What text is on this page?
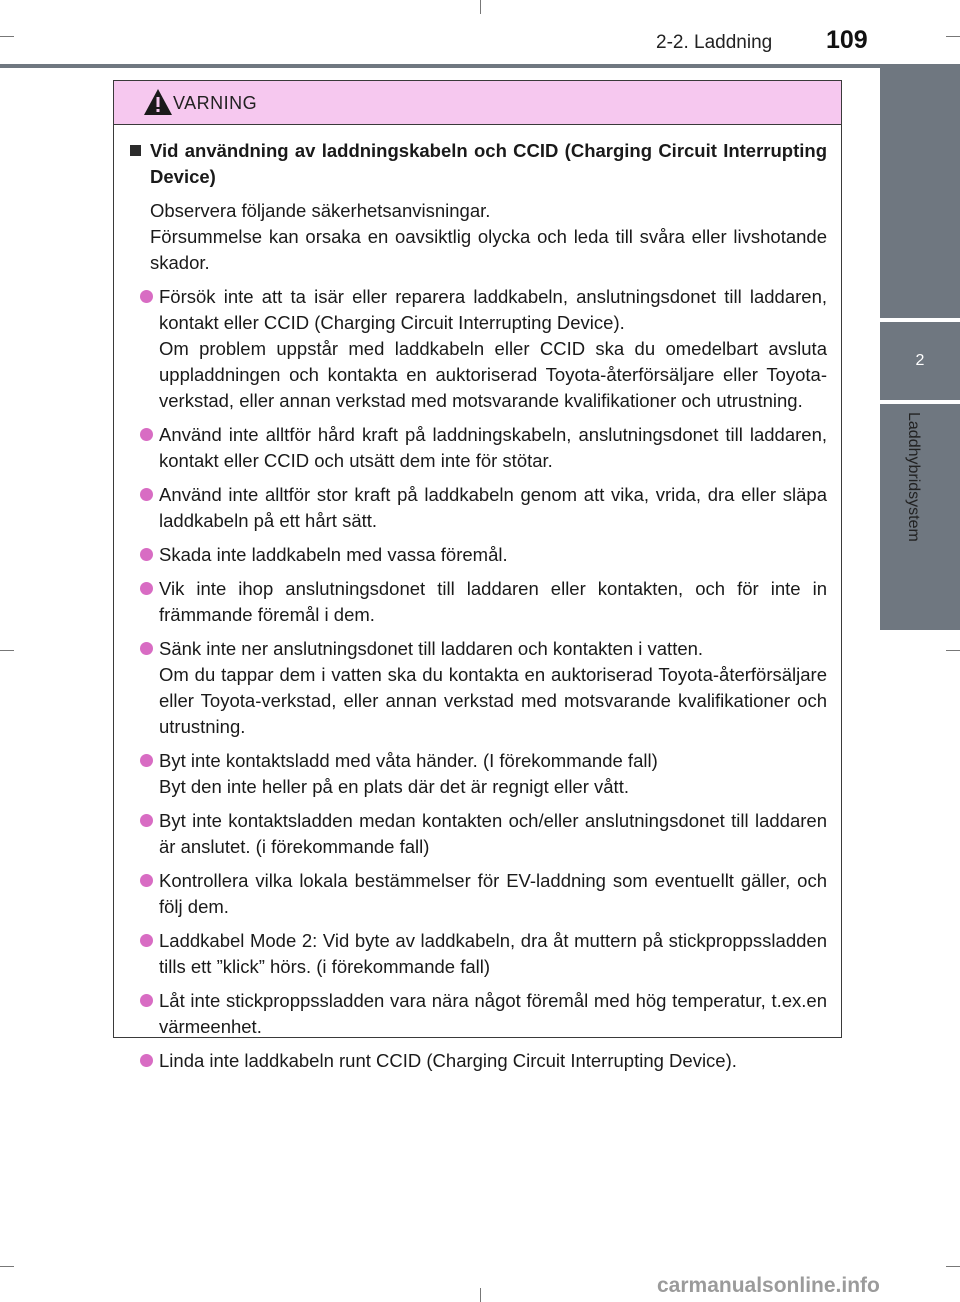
2-2. Laddning 109
2
Laddhybridsystem
VARNING
Vid användning av laddningskabeln och CCID (Charging Circuit Interrupting Device)

Observera följande säkerhetsanvisningar.

Försummelse kan orsaka en oavsiktlig olycka och leda till svåra eller livshotande skador.

Försök inte att ta isär eller reparera laddkabeln, anslutningsdonet till laddaren, kontakt eller CCID (Charging Circuit Interrupting Device).
Om problem uppstår med laddkabeln eller CCID ska du omedelbart avsluta uppladdningen och kontakta en auktoriserad Toyota-återförsäljare eller Toyota-verkstad, eller annan verkstad med motsvarande kvalifikationer och utrustning.
Använd inte alltför hård kraft på laddningskabeln, anslutningsdonet till laddaren, kontakt eller CCID och utsätt dem inte för stötar.
Använd inte alltför stor kraft på laddkabeln genom att vika, vrida, dra eller släpa laddkabeln på ett hårt sätt.
Skada inte laddkabeln med vassa föremål.
Vik inte ihop anslutningsdonet till laddaren eller kontakten, och för inte in främmande föremål i dem.
Sänk inte ner anslutningsdonet till laddaren och kontakten i vatten.
Om du tappar dem i vatten ska du kontakta en auktoriserad Toyota-återförsäljare eller Toyota-verkstad, eller annan verkstad med motsvarande kvalifikationer och utrustning.
Byt inte kontaktsladd med våta händer. (I förekommande fall)
Byt den inte heller på en plats där det är regnigt eller vått.
Byt inte kontaktsladden medan kontakten och/eller anslutningsdonet till laddaren är anslutet. (i förekommande fall)
Kontrollera vilka lokala bestämmelser för EV-laddning som eventuellt gäller, och följ dem.
Laddkabel Mode 2: Vid byte av laddkabeln, dra åt muttern på stickproppssladden tills ett ”klick” hörs. (i förekommande fall)
Låt inte stickproppssladden vara nära något föremål med hög temperatur, t.ex.en värmeenhet.
Linda inte laddkabeln runt CCID (Charging Circuit Interrupting Device).
carmanualsonline.info
